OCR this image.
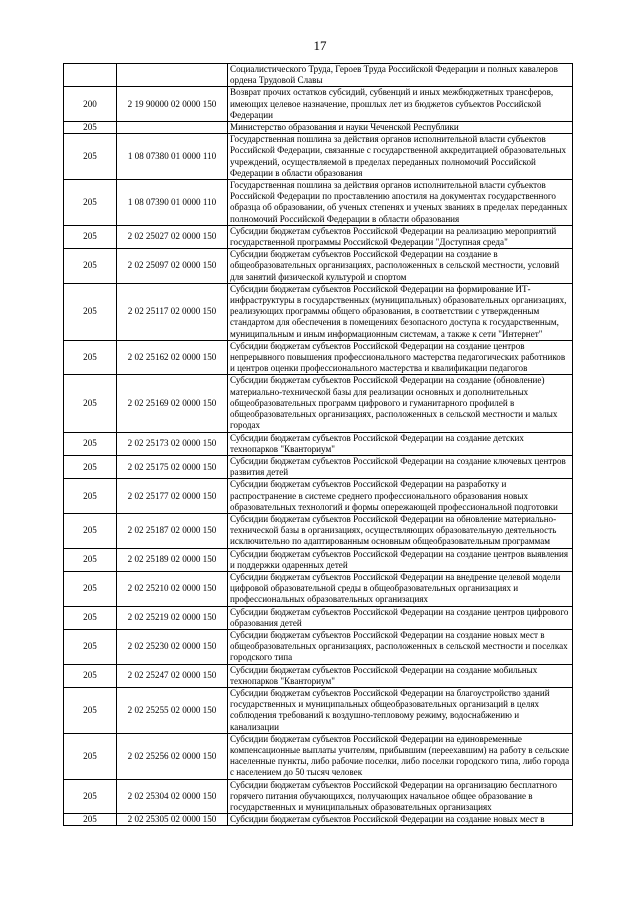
17
		Социалистического Труда, Героев Труда Российской Федерации и полных кавалеров ордена Трудовой Славы
200	2 19 90000 02 0000 150	Возврат прочих остатков субсидий, субвенций и иных межбюджетных трансферов, имеющих целевое назначение, прошлых лет из бюджетов субъектов Российской Федерации
205		Министерство образования и науки Чеченской Республики
205	1 08 07380 01 0000 110	Государственная пошлина за действия органов исполнительной власти субъектов Российской Федерации, связанные с государственной аккредитацией образовательных учреждений, осуществляемой в пределах переданных полномочий Российской Федерации в области образования
205	1 08 07390 01 0000 110	Государственная пошлина за действия органов исполнительной власти субъектов Российской Федерации по проставлению апостиля на документах государственного образца об образовании, об ученых степенях и ученых званиях в пределах переданных полномочий Российской Федерации в области образования
205	2 02 25027 02 0000 150	Субсидии бюджетам субъектов Российской Федерации на реализацию мероприятий государственной программы Российской Федерации "Доступная среда"
205	2 02 25097 02 0000 150	Субсидии бюджетам субъектов Российской Федерации на создание в общеобразовательных организациях, расположенных в сельской местности, условий для занятий физической культурой и спортом
205	2 02 25117 02 0000 150	Субсидии бюджетам субъектов Российской Федерации на формирование ИТ-инфраструктуры в государственных (муниципальных) образовательных организациях, реализующих программы общего образования, в соответствии с утвержденным стандартом для обеспечения в помещениях безопасного доступа к государственным, муниципальным и иным информационным системам, а также к сети "Интернет"
205	2 02 25162 02 0000 150	Субсидии бюджетам субъектов Российской Федерации на создание центров непрерывного повышения профессионального мастерства педагогических работников и центров оценки профессионального мастерства и квалификации педагогов
205	2 02 25169 02 0000 150	Субсидии бюджетам субъектов Российской Федерации на создание (обновление) материально-технической базы для реализации основных и дополнительных общеобразовательных программ цифрового и гуманитарного профилей в общеобразовательных организациях, расположенных в сельской местности и малых городах
205	2 02 25173 02 0000 150	Субсидии бюджетам субъектов Российской Федерации на создание детских технопарков "Кванториум"
205	2 02 25175 02 0000 150	Субсидии бюджетам субъектов Российской Федерации на создание ключевых центров развития детей
205	2 02 25177 02 0000 150	Субсидии бюджетам субъектов Российской Федерации на разработку и распространение в системе среднего профессионального образования новых образовательных технологий и формы опережающей профессиональной подготовки
205	2 02 25187 02 0000 150	Субсидии бюджетам субъектов Российской Федерации на обновление материально-технической базы в организациях, осуществляющих образовательную деятельность исключительно по адаптированным основным общеобразовательным программам
205	2 02 25189 02 0000 150	Субсидии бюджетам субъектов Российской Федерации на создание центров выявления и поддержки одаренных детей
205	2 02 25210 02 0000 150	Субсидии бюджетам субъектов Российской Федерации на внедрение целевой модели цифровой образовательной среды в общеобразовательных организациях и профессиональных образовательных организациях
205	2 02 25219 02 0000 150	Субсидии бюджетам субъектов Российской Федерации на создание центров цифрового образования детей
205	2 02 25230 02 0000 150	Субсидии бюджетам субъектов Российской Федерации на создание новых мест в общеобразовательных организациях, расположенных в сельской местности и поселках городского типа
205	2 02 25247 02 0000 150	Субсидии бюджетам субъектов Российской Федерации на создание мобильных технопарков "Кванториум"
205	2 02 25255 02 0000 150	Субсидии бюджетам субъектов Российской Федерации на благоустройство зданий государственных и муниципальных общеобразовательных организаций в целях соблюдения требований к воздушно-тепловому режиму, водоснабжению и канализации
205	2 02 25256 02 0000 150	Субсидии бюджетам субъектов Российской Федерации на единовременные компенсационные выплаты учителям, прибывшим (переехавшим) на работу в сельские населенные пункты, либо рабочие поселки, либо поселки городского типа, либо города с населением до 50 тысяч человек
205	2 02 25304 02 0000 150	Субсидии бюджетам субъектов Российской Федерации на организацию бесплатного горячего питания обучающихся, получающих начальное общее образование в государственных и муниципальных образовательных организациях
205	2 02 25305 02 0000 150	Субсидии бюджетам субъектов Российской Федерации на создание новых мест в
